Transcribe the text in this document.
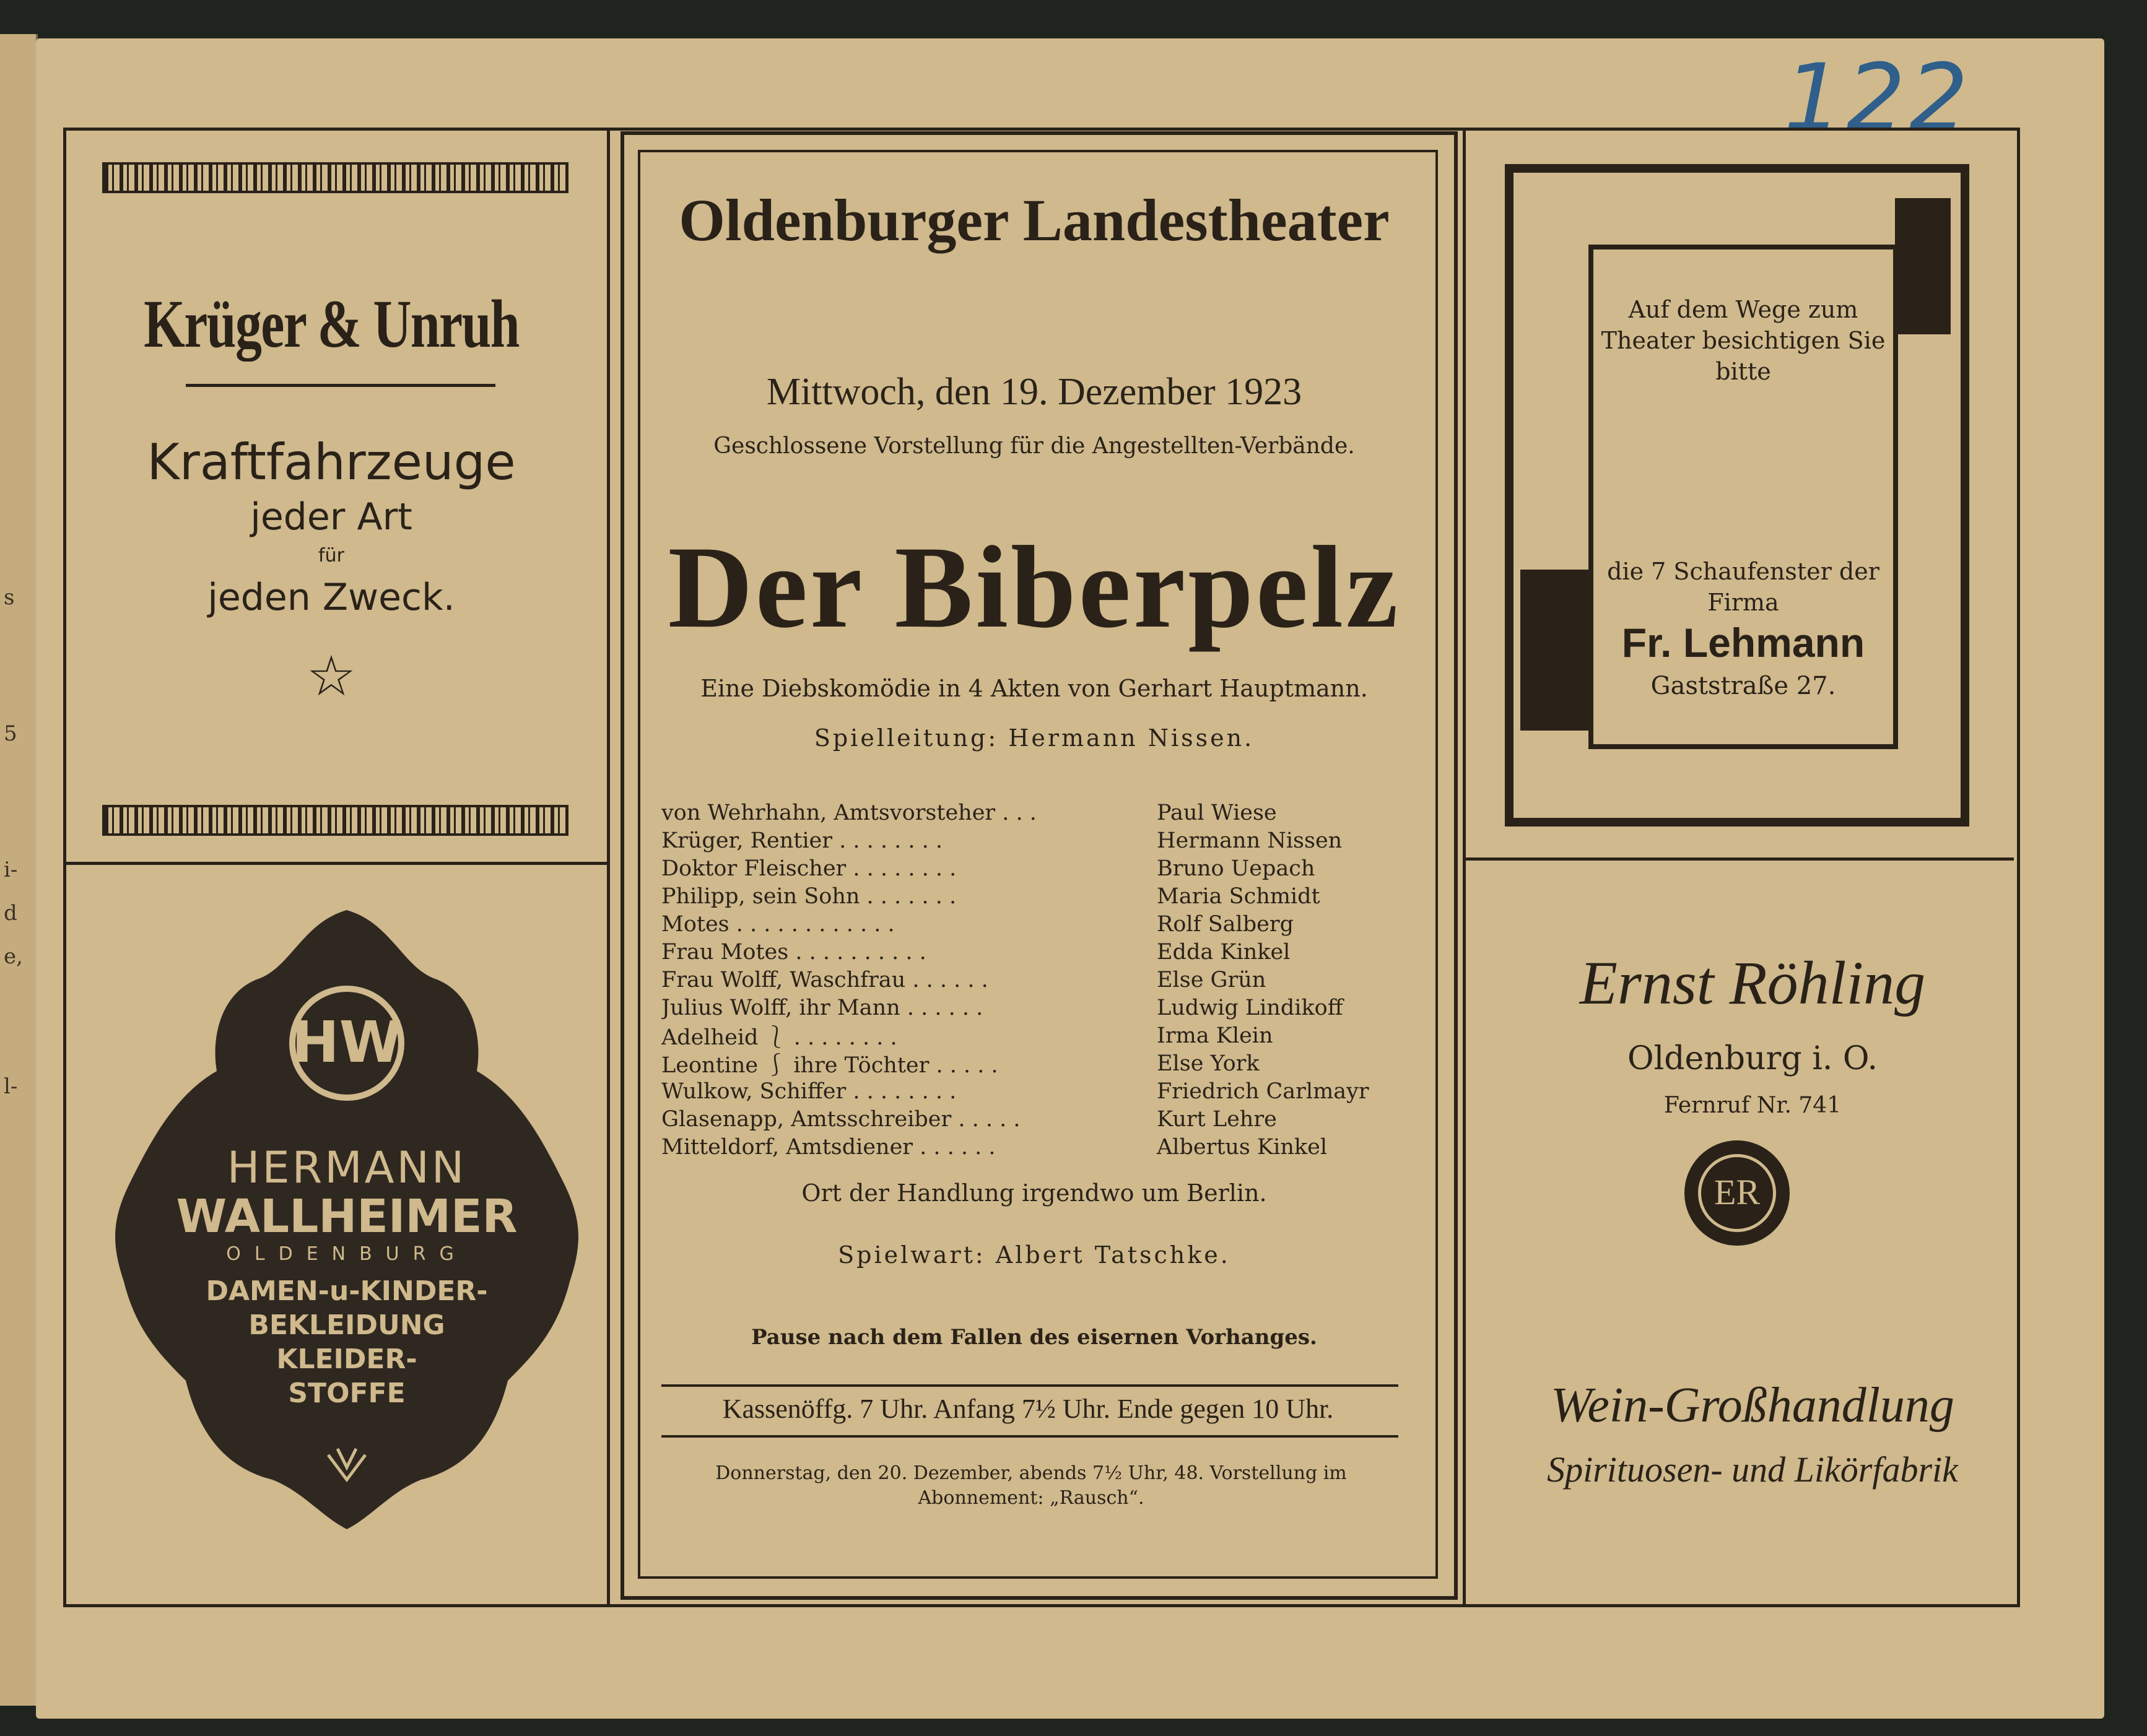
s
5
i-
d
e,
l-
122
Krüger & Unruh
Kraftfahrzeuge
jeder Art
für
jeden Zweck.
☆
HW
HERMANN
WALLHEIMER
OLDENBURG
DAMEN-u-KINDER-
BEKLEIDUNG
KLEIDER-
STOFFE
Oldenburger Landestheater
Mittwoch, den 19. Dezember 1923
Geschlossene Vorstellung für die Angestellten-Verbände.
Der Biberpelz
Eine Diebskomödie in 4 Akten von Gerhart Hauptmann.
Spielleitung: Hermann Nissen.
von Wehrhahn, Amtsvorsteher . . .	Paul Wiese
Krüger, Rentier . . . . . . . .	Hermann Nissen
Doktor Fleischer . . . . . . . .	Bruno Uepach
Philipp, sein Sohn . . . . . . .	Maria Schmidt
Motes . . . . . . . . . . . .	Rolf Salberg
Frau Motes . . . . . . . . . .	Edda Kinkel
Frau Wolff, Waschfrau . . . . . .	Else Grün
Julius Wolff, ihr Mann . . . . . .	Ludwig Lindikoff
Adelheid ⎱ . . . . . . . .	Irma Klein
Leontine ⎰ ihre Töchter . . . . .	Else York
Wulkow, Schiffer . . . . . . . .	Friedrich Carlmayr
Glasenapp, Amtsschreiber . . . . .	Kurt Lehre
Mitteldorf, Amtsdiener . . . . . .	Albertus Kinkel
Ort der Handlung irgendwo um Berlin.
Spielwart: Albert Tatschke.
Pause nach dem Fallen des eisernen Vorhanges.
Kassenöffg. 7 Uhr. Anfang 7½ Uhr. Ende gegen 10 Uhr.
Donnerstag, den 20. Dezember, abends 7½ Uhr, 48. Vorstellung im Abonnement: „Rausch“.
Auf dem Wege zum Theater besichtigen Sie bitte
die 7 Schaufenster der Firma
Fr. Lehmann
Gaststraße 27.
Ernst Röhling
Oldenburg i. O.
Fernruf Nr. 741
ER
Wein-Großhandlung
Spirituosen- und Likörfabrik
